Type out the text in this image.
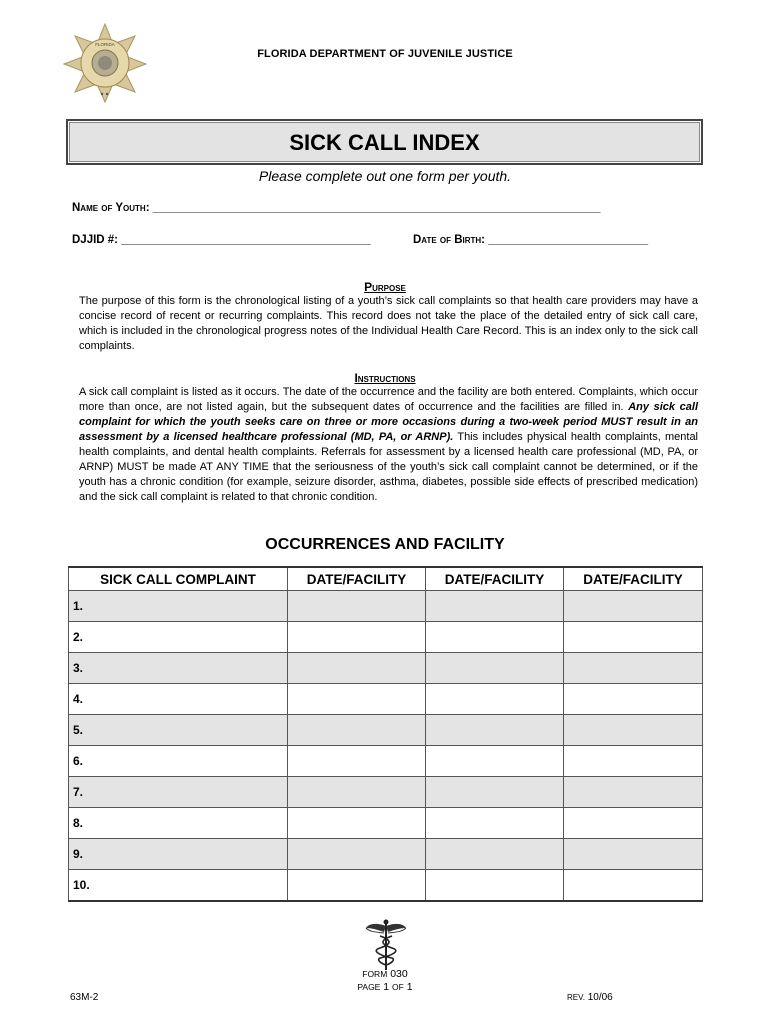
FLORIDA
FLORIDA DEPARTMENT OF JUVENILE JUSTICE
SICK CALL INDEX
Please complete out one form per youth.
Name of Youth: ______________________________________________________________________
DJJID #: _______________________________________	Date of Birth: _________________________
Purpose
The purpose of this form is the chronological listing of a youth’s sick call complaints so that health care providers may have a concise record of recent or recurring complaints. This record does not take the place of the detailed entry of sick call care, which is included in the chronological progress notes of the Individual Health Care Record. This is an index only to the sick call complaints.
Instructions
A sick call complaint is listed as it occurs. The date of the occurrence and the facility are both entered. Complaints, which occur more than once, are not listed again, but the subsequent dates of occurrence and the facilities are filled in. Any sick call complaint for which the youth seeks care on three or more occasions during a two-week period MUST result in an assessment by a licensed healthcare professional (MD, PA, or ARNP). This includes physical health complaints, mental health complaints, and dental health complaints. Referrals for assessment by a licensed health care professional (MD, PA, or ARNP) MUST be made AT ANY TIME that the seriousness of the youth’s sick call complaint cannot be determined, or if the youth has a chronic condition (for example, seizure disorder, asthma, diabetes, possible side effects of prescribed medication) and the sick call complaint is related to that chronic condition.
OCCURRENCES AND FACILITY
SICK CALL COMPLAINT	DATE/FACILITY	DATE/FACILITY	DATE/FACILITY
1.			
2.			
3.			
4.			
5.			
6.			
7.			
8.			
9.			
10.			
FORM 030
PAGE 1 OF 1
63M-2	REV. 10/06
